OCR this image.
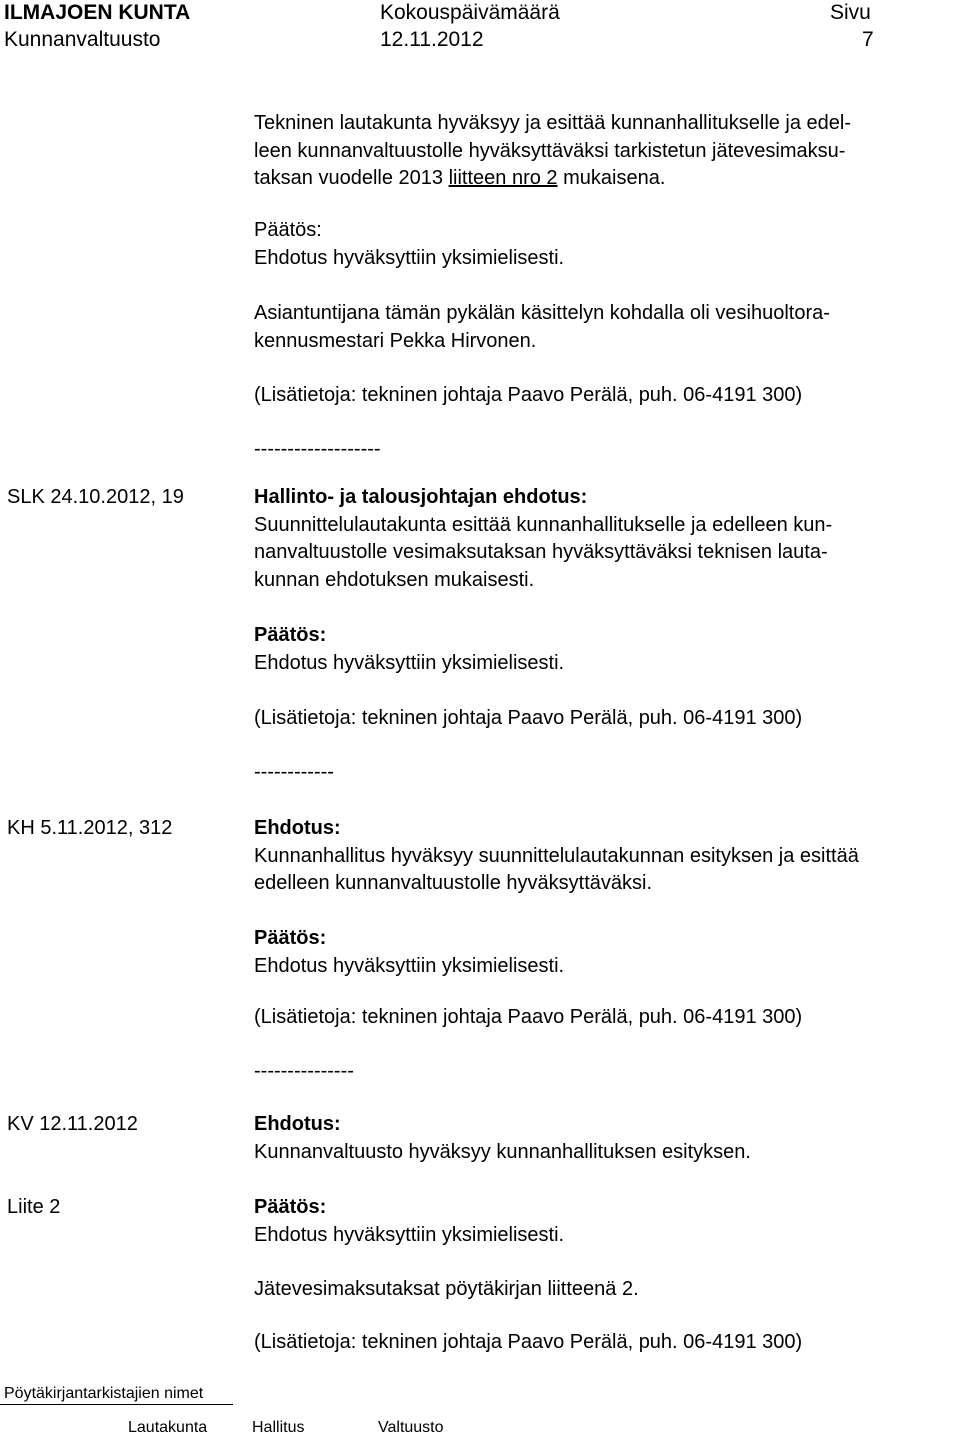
ILMAJOEN KUNTA
Kunnanvaltuusto
Kokouspäivämäärä
12.11.2012
Sivu
7

Tekninen lautakunta hyväksyy ja esittää kunnanhallitukselle ja edel-

leen kunnanvaltuustolle hyväksyttäväksi tarkistetun jätevesimaksu-

taksan vuodelle 2013 liitteen nro 2 mukaisena.

Päätös:

Ehdotus hyväksyttiin yksimielisesti.

Asiantuntijana tämän pykälän käsittelyn kohdalla oli vesihuoltora-

kennusmestari Pekka Hirvonen.

(Lisätietoja: tekninen johtaja Paavo Perälä, puh. 06-4191 300)

-------------------

SLK 24.10.2012, 19	Hallinto- ja talousjohtajan ehdotus:

Suunnittelulautakunta esittää kunnanhallitukselle ja edelleen kun-

nanvaltuustolle vesimaksutaksan hyväksyttäväksi teknisen lauta-

kunnan ehdotuksen mukaisesti.

Päätös:

Ehdotus hyväksyttiin yksimielisesti.

(Lisätietoja: tekninen johtaja Paavo Perälä, puh. 06-4191 300)

------------

KH 5.11.2012, 312	Ehdotus:

Kunnanhallitus hyväksyy suunnittelulautakunnan esityksen ja esittää

edelleen kunnanvaltuustolle hyväksyttäväksi.

Päätös:

Ehdotus hyväksyttiin yksimielisesti.

(Lisätietoja: tekninen johtaja Paavo Perälä, puh. 06-4191 300)

---------------

KV 12.11.2012	Ehdotus:

Kunnanvaltuusto hyväksyy kunnanhallituksen esityksen.

Liite 2	Päätös:

Ehdotus hyväksyttiin yksimielisesti.

Jätevesimaksutaksat pöytäkirjan liitteenä 2.

(Lisätietoja: tekninen johtaja Paavo Perälä, puh. 06-4191 300)

Pöytäkirjantarkistajien nimet
Lautakunta	Hallitus	Valtuusto
